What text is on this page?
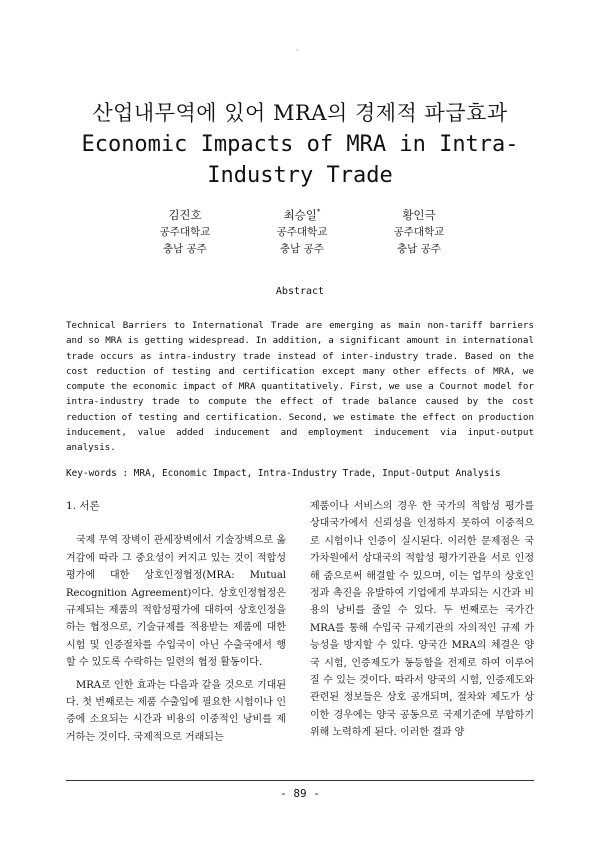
·
산업내무역에 있어 MRA의 경제적 파급효과
Economic Impacts of MRA in Intra-Industry Trade
김진호
공주대학교
충남 공주
최승일*
공주대학교
충남 공주
황인극
공주대학교
충남 공주
Abstract

Technical Barriers to International Trade are emerging as main non-tariff barriers and so MRA is getting widespread. In addition, a significant amount in international trade occurs as intra-industry trade instead of inter-industry trade. Based on the cost reduction of testing and certification except many other effects of MRA, we compute the economic impact of MRA quantitatively. First, we use a Cournot model for intra-industry trade to compute the effect of trade balance caused by the cost reduction of testing and certification. Second, we estimate the effect on production inducement, value added inducement and employment inducement via input-output analysis.

Key-words : MRA, Economic Impact, Intra-Industry Trade, Input-Output Analysis

1. 서론

국제 무역 장벽이 관세장벽에서 기술장벽으로 옮겨감에 따라 그 중요성이 커지고 있는 것이 적합성 평가에 대한 상호인정협정(MRA: Mutual Recognition Agreement)이다. 상호인정협정은 규제되는 제품의 적합성평가에 대하여 상호인정을 하는 협정으로, 기술규제를 적용받는 제품에 대한 시험 및 인증절차를 수입국이 아닌 수출국에서 행할 수 있도록 수락하는 일련의 협정 활동이다.

MRA로 인한 효과는 다음과 같을 것으로 기대된다. 첫 번째로는 제품 수출입에 필요한 시험이나 인증에 소요되는 시간과 비용의 이중적인 낭비를 제거하는 것이다. 국제적으로 거래되는

제품이나 서비스의 경우 한 국가의 적합성 평가를 상대국가에서 신뢰성을 인정하지 못하여 이중적으로 시험이나 인증이 실시된다. 이러한 문제점은 국가차원에서 상대국의 적합성 평가기관을 서로 인정해 줌으로써 해결할 수 있으며, 이는 업무의 상호인정과 촉진을 유발하여 기업에게 부과되는 시간과 비용의 낭비를 줄일 수 있다. 두 번째로는 국가간 MRA를 통해 수입국 규제기관의 자의적인 규제 가능성을 방지할 수 있다. 양국간 MRA의 체결은 양국 시험, 인증제도가 동등함을 전제로 하여 이루어질 수 있는 것이다. 따라서 양국의 시험, 인증제도와 관련된 정보들은 상호 공개되며, 절차와 제도가 상이한 경우에는 양국 공동으로 국제기준에 부합하기 위해 노력하게 된다. 이러한 결과 양

- 89 -
